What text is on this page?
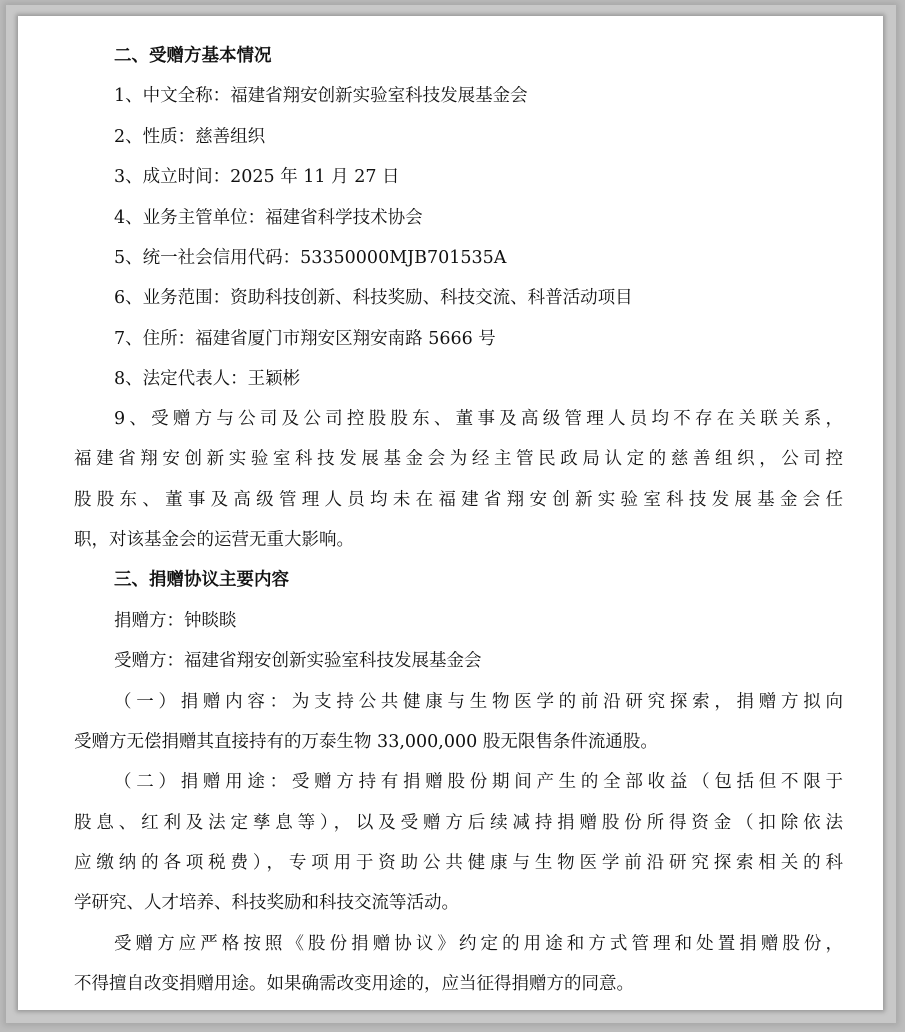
二、受赠方基本情况
1、中文全称：福建省翔安创新实验室科技发展基金会
2、性质：慈善组织
3、成立时间：2025 年 11 月 27 日
4、业务主管单位：福建省科学技术协会
5、统一社会信用代码：53350000MJB701535A
6、业务范围：资助科技创新、科技奖励、科技交流、科普活动项目
7、住所：福建省厦门市翔安区翔安南路 5666 号
8、法定代表人：王颖彬
9、受赠方与公司及公司控股股东、董事及高级管理人员均不存在关联关系，
福建省翔安创新实验室科技发展基金会为经主管民政局认定的慈善组织，公司控
股股东、董事及高级管理人员均未在福建省翔安创新实验室科技发展基金会任
职，对该基金会的运营无重大影响。
三、捐赠协议主要内容
捐赠方：钟睒睒
受赠方：福建省翔安创新实验室科技发展基金会
（一）捐赠内容：为支持公共健康与生物医学的前沿研究探索，捐赠方拟向
受赠方无偿捐赠其直接持有的万泰生物 33,000,000 股无限售条件流通股。
（二）捐赠用途：受赠方持有捐赠股份期间产生的全部收益（包括但不限于
股息、红利及法定孳息等），以及受赠方后续减持捐赠股份所得资金（扣除依法
应缴纳的各项税费），专项用于资助公共健康与生物医学前沿研究探索相关的科
学研究、人才培养、科技奖励和科技交流等活动。
受赠方应严格按照《股份捐赠协议》约定的用途和方式管理和处置捐赠股份，
不得擅自改变捐赠用途。如果确需改变用途的，应当征得捐赠方的同意。
